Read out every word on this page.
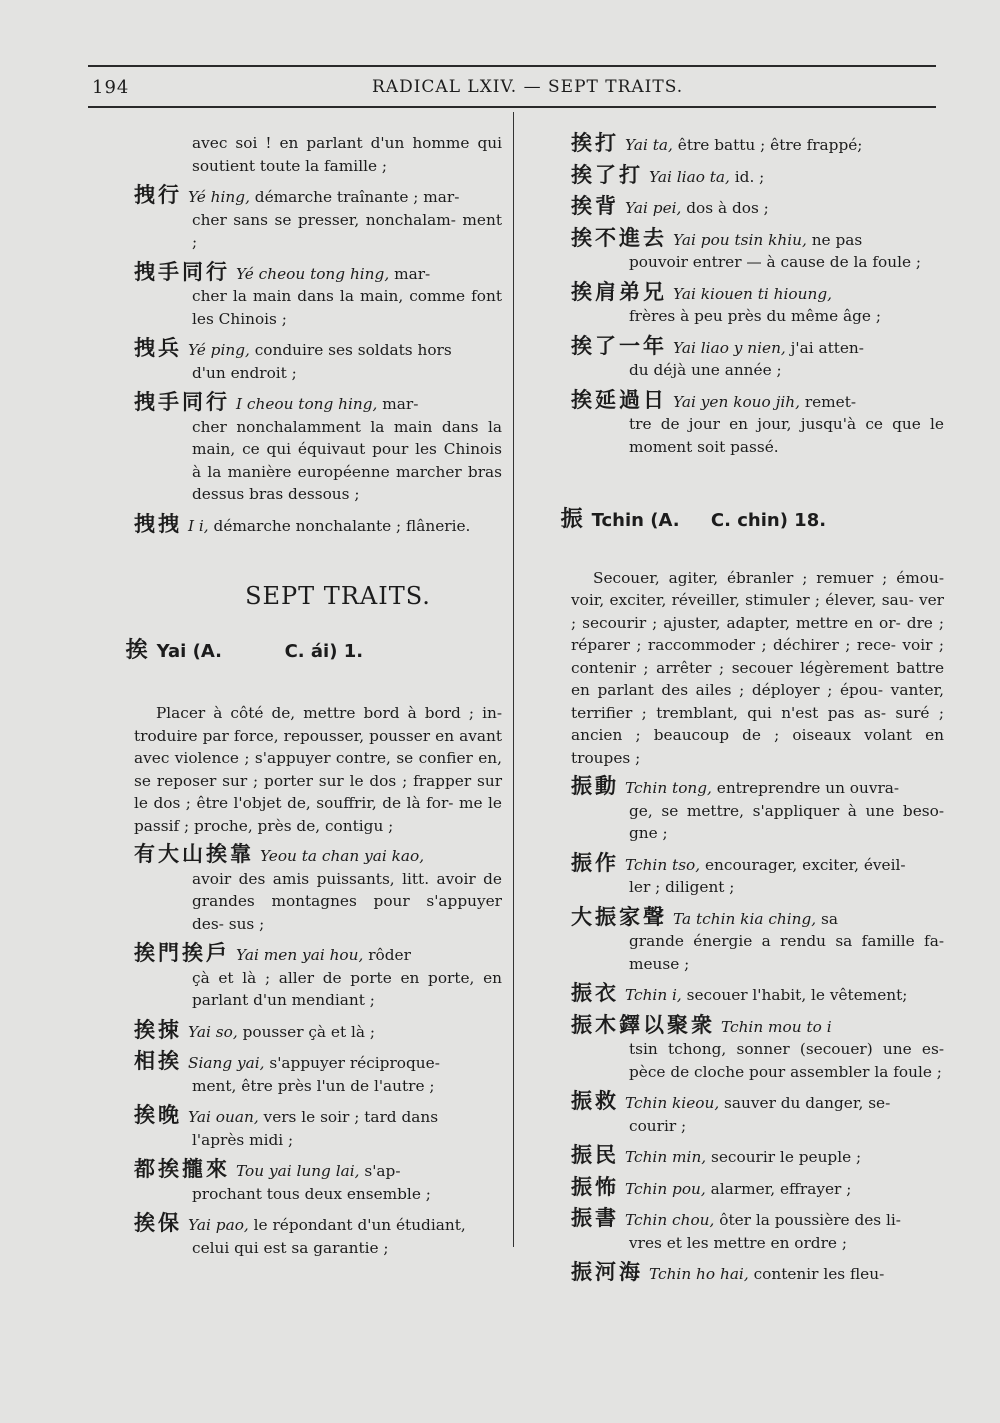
194	RADICAL LXIV. — SEPT TRAITS.
avec soi ! en parlant d'un homme qui soutient toute la famille ;
拽行 Yé hing, démarche traînante ; mar-
cher sans se presser, nonchalam- ment ;
拽手同行 Yé cheou tong hing, mar-
cher la main dans la main, comme font les Chinois ;
拽兵 Yé ping, conduire ses soldats hors
d'un endroit ;
拽手同行 I cheou tong hing, mar-
cher nonchalamment la main dans la main, ce qui équivaut pour les Chinois à la manière européenne marcher bras dessus bras dessous ;
拽拽 I i, démarche nonchalante ; flânerie.
SEPT TRAITS.

挨 Yai (A.          C. ái) 1.

Placer à côté de, mettre bord à bord ; in- troduire par force, repousser, pousser en avant avec violence ; s'appuyer contre, se confier en, se reposer sur ; porter sur le dos ; frapper sur le dos ; être l'objet de, souffrir, de là for- me le passif ; proche, près de, contigu ;
有大山挨靠 Yeou ta chan yai kao,
avoir des amis puissants, litt. avoir de grandes montagnes pour s'appuyer des- sus ;
挨門挨戶 Yai men yai hou, rôder
çà et là ; aller de porte en porte, en parlant d'un mendiant ;
挨捒 Yai so, pousser çà et là ;
相挨 Siang yai, s'appuyer réciproque-
ment, être près l'un de l'autre ;
挨晚 Yai ouan, vers le soir ; tard dans
l'après midi ;
都挨攏來 Tou yai lung lai, s'ap-
prochant tous deux ensemble ;
挨保 Yai pao, le répondant d'un étudiant,
celui qui est sa garantie ;
挨打 Yai ta, être battu ; être frappé;
挨了打 Yai liao ta, id. ;
挨背 Yai pei, dos à dos ;
挨不進去 Yai pou tsin khiu, ne pas
pouvoir entrer — à cause de la foule ;
挨肩弟兄 Yai kiouen ti hioung,
frères à peu près du même âge ;
挨了一年 Yai liao y nien, j'ai atten-
du déjà une année ;
挨延過日 Yai yen kouo jih, remet-
tre de jour en jour, jusqu'à ce que le moment soit passé.

振 Tchin (A.     C. chin) 18.

Secouer, agiter, ébranler ; remuer ; émou- voir, exciter, réveiller, stimuler ; élever, sau- ver ; secourir ; ajuster, adapter, mettre en or- dre ; réparer ; raccommoder ; déchirer ; rece- voir ; contenir ; arrêter ; secouer légèrement battre en parlant des ailes ; déployer ; épou- vanter, terrifier ; tremblant, qui n'est pas as- suré ; ancien ; beaucoup de ; oiseaux volant en troupes ;
振動 Tchin tong, entreprendre un ouvra-
ge, se mettre, s'appliquer à une beso- gne ;
振作 Tchin tso, encourager, exciter, éveil-
ler ; diligent ;
大振家聲 Ta tchin kia ching, sa
grande énergie a rendu sa famille fa- meuse ;
振衣 Tchin i, secouer l'habit, le vêtement;
振木鐸以聚衆 Tchin mou to i
tsin tchong, sonner (secouer) une es- pèce de cloche pour assembler la foule ;
振救 Tchin kieou, sauver du danger, se-
courir ;
振民 Tchin min, secourir le peuple ;
振怖 Tchin pou, alarmer, effrayer ;
振書 Tchin chou, ôter la poussière des li-
vres et les mettre en ordre ;
振河海 Tchin ho hai, contenir les fleu-
